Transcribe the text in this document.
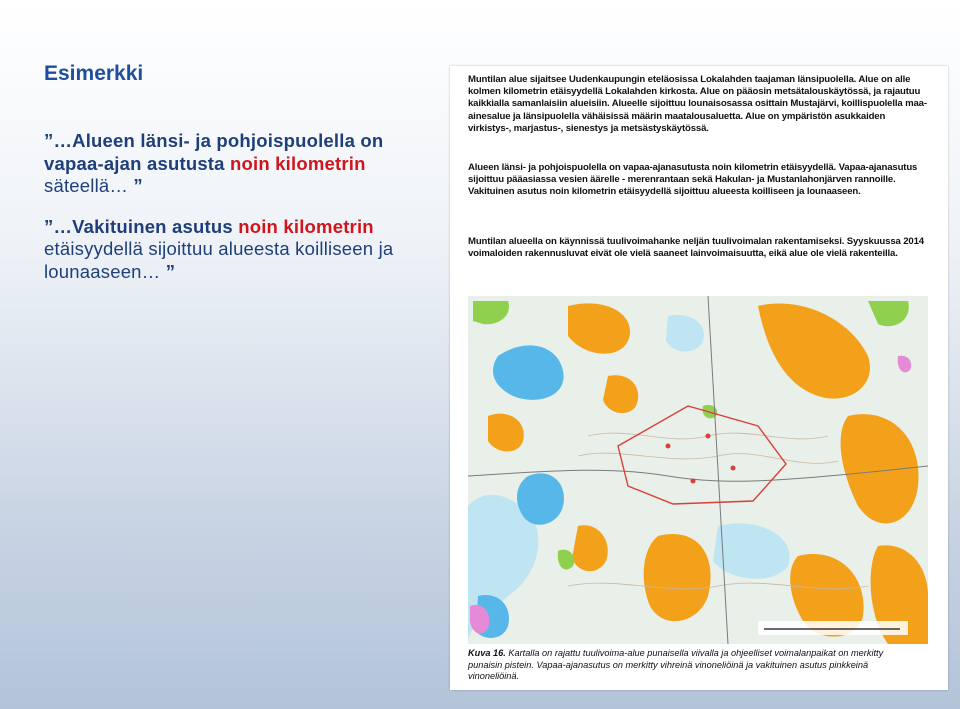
Esimerkki
”…Alueen länsi- ja pohjoispuolella on vapaa-ajan asutusta noin kilometrin säteellä… ”
”…Vakituinen asutus noin kilometrin etäisyydellä sijoittuu alueesta koilliseen ja lounaaseen… ”
Muntilan alue sijaitsee Uudenkaupungin eteläosissa Lokalahden taajaman länsipuolella. Alue on alle kolmen kilometrin etäisyydellä Lokalahden kirkosta. Alue on pääosin metsätalouskäytössä, ja rajautuu kaikkialla samanlaisiin alueisiin. Alueelle sijoittuu lounaisosassa osittain Mustajärvi, koillispuolella maa-ainesalue ja länsipuolella vähäisissä määrin maatalousaluetta. Alue on ympäristön asukkaiden virkistys-, marjastus-, sienestys ja metsästyskäytössä.
Alueen länsi- ja pohjoispuolella on vapaa-ajanasutusta noin kilometrin etäisyydellä. Vapaa-ajanasutus sijoittuu pääasiassa vesien äärelle - merenrantaan sekä Hakulan- ja Mustanlahonjärven rannoille. Vakituinen asutus noin kilometrin etäisyydellä sijoittuu alueesta koilliseen ja lounaaseen.
Muntilan alueella on käynnissä tuulivoimahanke neljän tuulivoimalan rakentamiseksi. Syyskuussa 2014 voimaloiden rakennusluvat eivät ole vielä saaneet lainvoimaisuutta, eikä alue ole vielä rakenteilla.
Kuva 16. Kartalla on rajattu tuulivoima-alue punaisella viivalla ja ohjeelliset voimalanpaikat on merkitty punaisin pistein. Vapaa-ajanasutus on merkitty vihreinä vinoneliöinä ja vakituinen asutus pinkkeinä vinoneliöinä.
